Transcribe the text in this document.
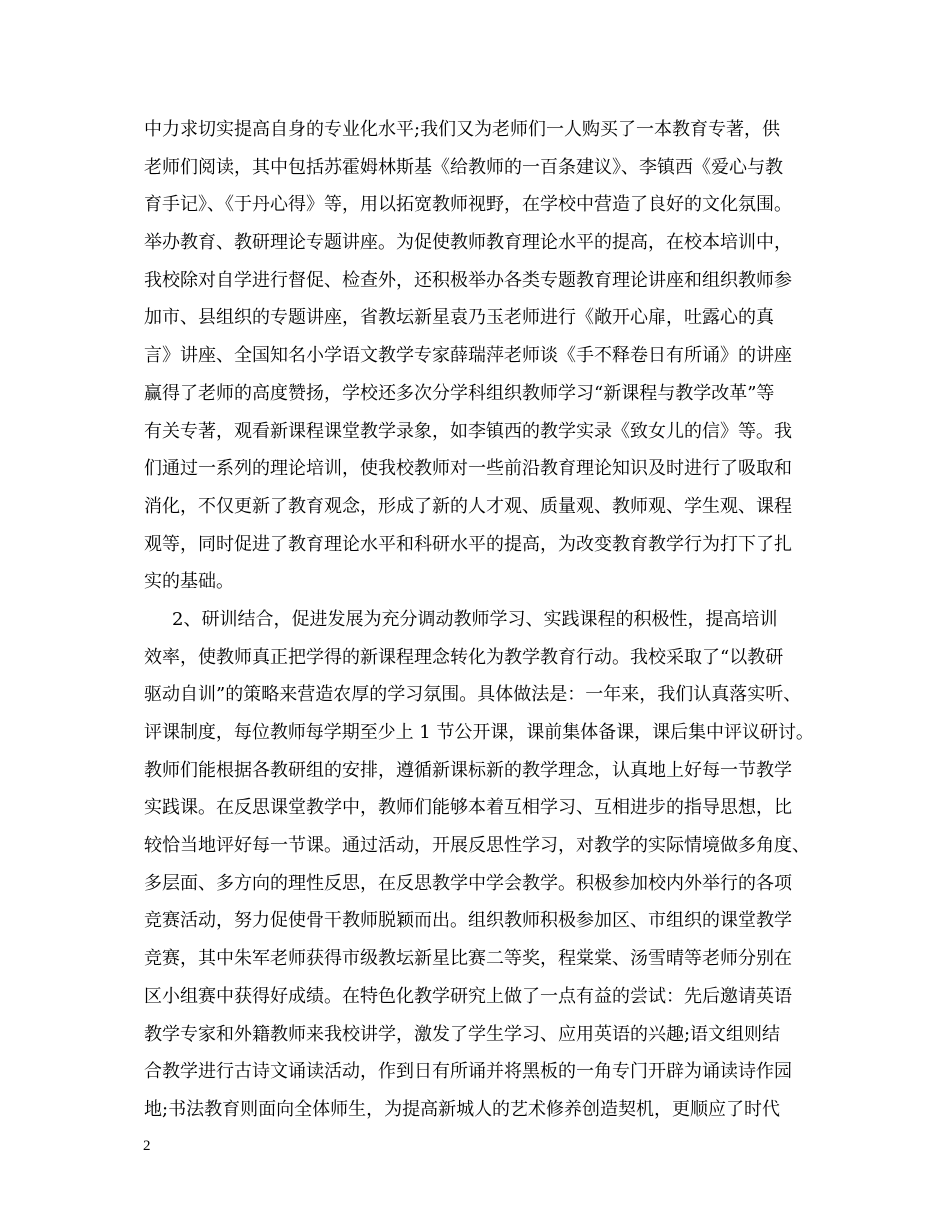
中力求切实提高自身的专业化水平;我们又为老师们一人购买了一本教育专著，供
老师们阅读，其中包括苏霍姆林斯基《给教师的一百条建议》、李镇西《爱心与教
育手记》、《于丹心得》等，用以拓宽教师视野，在学校中营造了良好的文化氛围。
举办教育、教研理论专题讲座。为促使教师教育理论水平的提高，在校本培训中，
我校除对自学进行督促、检查外，还积极举办各类专题教育理论讲座和组织教师参
加市、县组织的专题讲座，省教坛新星袁乃玉老师进行《敞开心扉，吐露心的真
言》讲座、全国知名小学语文教学专家薛瑞萍老师谈《手不释卷日有所诵》的讲座
赢得了老师的高度赞扬，学校还多次分学科组织教师学习“新课程与教学改革”等
有关专著，观看新课程课堂教学录象，如李镇西的教学实录《致女儿的信》等。我
们通过一系列的理论培训，使我校教师对一些前沿教育理论知识及时进行了吸取和
消化，不仅更新了教育观念，形成了新的人才观、质量观、教师观、学生观、课程
观等，同时促进了教育理论水平和科研水平的提高，为改变教育教学行为打下了扎
实的基础。
2、研训结合，促进发展为充分调动教师学习、实践课程的积极性，提高培训
效率，使教师真正把学得的新课程理念转化为教学教育行动。我校采取了“以教研
驱动自训”的策略来营造农厚的学习氛围。具体做法是：一年来，我们认真落实听、
评课制度，每位教师每学期至少上 1 节公开课，课前集体备课，课后集中评议研讨。
教师们能根据各教研组的安排，遵循新课标新的教学理念，认真地上好每一节教学
实践课。在反思课堂教学中，教师们能够本着互相学习、互相进步的指导思想，比
较恰当地评好每一节课。通过活动，开展反思性学习，对教学的实际情境做多角度、
多层面、多方向的理性反思，在反思教学中学会教学。积极参加校内外举行的各项
竞赛活动，努力促使骨干教师脱颖而出。组织教师积极参加区、市组织的课堂教学
竞赛，其中朱军老师获得市级教坛新星比赛二等奖，程棠棠、汤雪晴等老师分别在
区小组赛中获得好成绩。在特色化教学研究上做了一点有益的尝试：先后邀请英语
教学专家和外籍教师来我校讲学，激发了学生学习、应用英语的兴趣;语文组则结
合教学进行古诗文诵读活动，作到日有所诵并将黑板的一角专门开辟为诵读诗作园
地;书法教育则面向全体师生，为提高新城人的艺术修养创造契机，更顺应了时代
2
